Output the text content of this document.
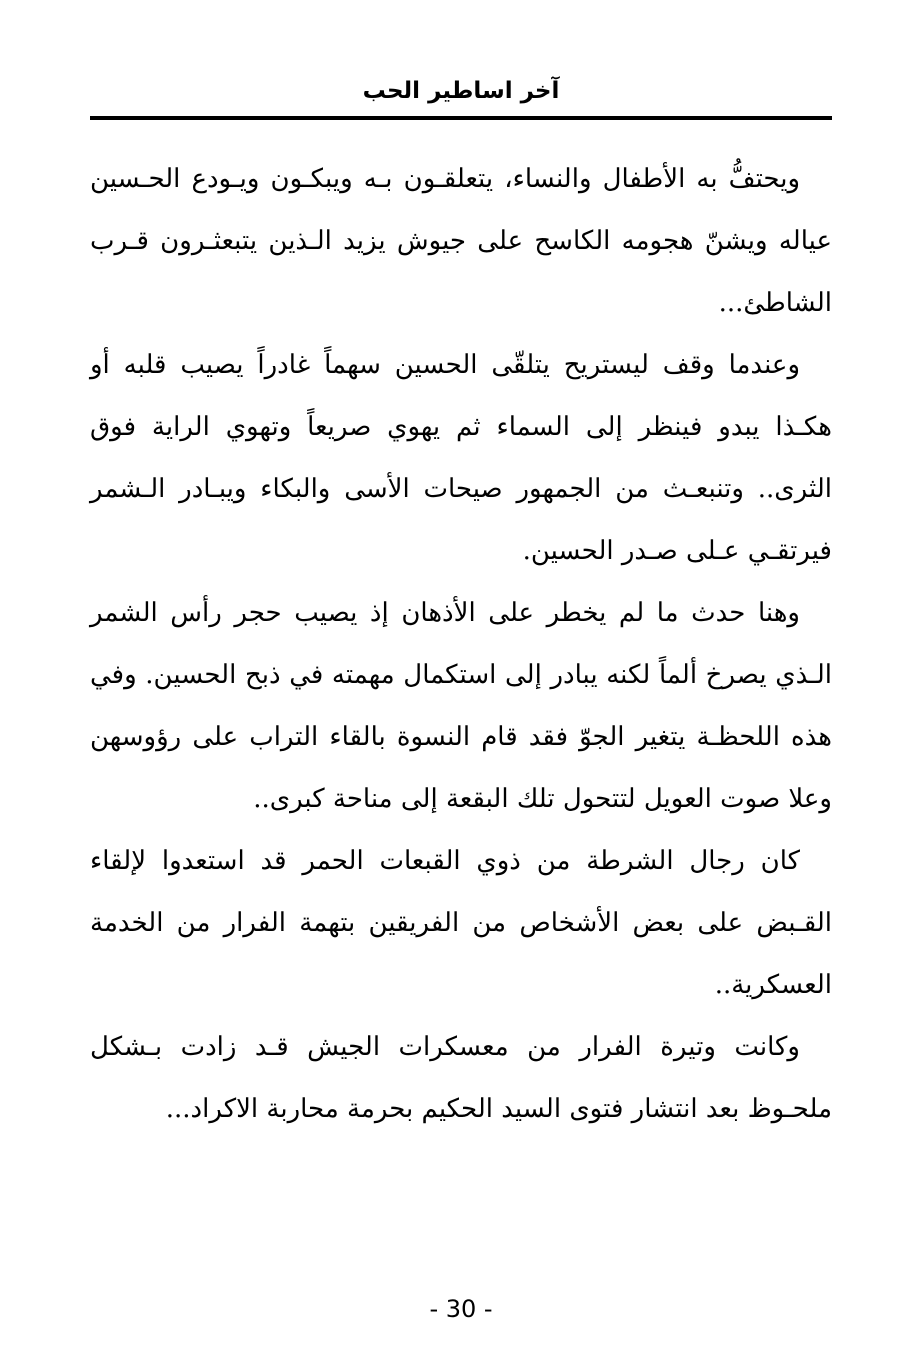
آخر اساطير الحب

ويحتفُّ به الأطفال والنساء، يتعلقـون بـه ويبكـون ويـودع الحـسين عياله ويشنّ هجومه الكاسح على جيوش يزيد الـذين يتبعثـرون قـرب الشاطئ...

وعندما وقف ليستريح يتلقّى الحسين سهماً غادراً يصيب قلبه أو هكـذا يبدو فينظر إلى السماء ثم يهوي صريعاً وتهوي الراية فوق الثرى.. وتنبعـث من الجمهور صيحات الأسى والبكاء ويبـادر الـشمر فيرتقـي عـلى صـدر الحسين.

وهنا حدث ما لم يخطر على الأذهان إذ يصيب حجر رأس الشمر الـذي يصرخ ألماً لكنه يبادر إلى استكمال مهمته في ذبح الحسين. وفي هذه اللحظـة يتغير الجوّ فقد قام النسوة بالقاء التراب على رؤوسهن وعلا صوت العويل لتتحول تلك البقعة إلى مناحة كبرى..

كان رجال الشرطة من ذوي القبعات الحمر قد استعدوا لإلقاء القـبض على بعض الأشخاص من الفريقين بتهمة الفرار من الخدمة العسكرية..

وكانت وتيرة الفرار من معسكرات الجيش قـد زادت بـشكل ملحـوظ بعد انتشار فتوى السيد الحكيم بحرمة محاربة الاكراد...

- 30 -
